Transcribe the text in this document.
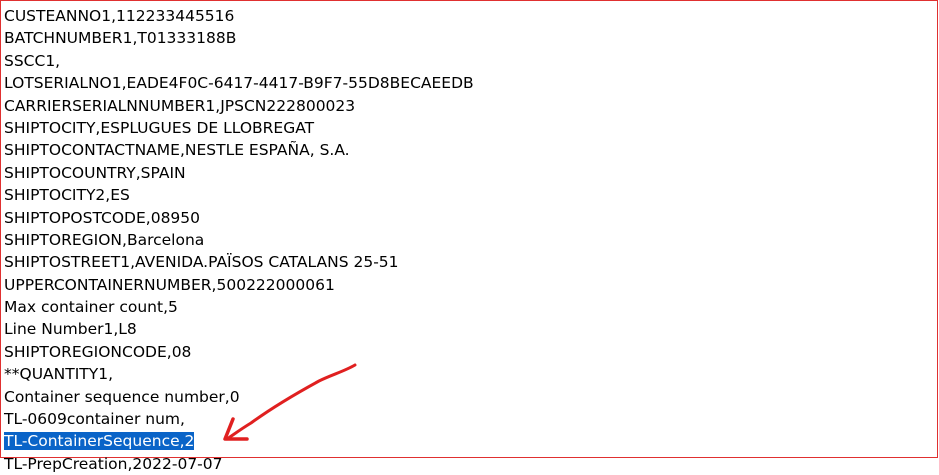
CUSTEANNO1,112233445516
BATCHNUMBER1,T01333188B
SSCC1,
LOTSERIALNO1,EADE4F0C-6417-4417-B9F7-55D8BECAEEDB
CARRIERSERIALNNUMBER1,JPSCN222800023
SHIPTOCITY,ESPLUGUES DE LLOBREGAT
SHIPTOCONTACTNAME,NESTLE ESPAÑA, S.A.
SHIPTOCOUNTRY,SPAIN
SHIPTOCITY2,ES
SHIPTOPOSTCODE,08950
SHIPTOREGION,Barcelona
SHIPTOSTREET1,AVENIDA.PAÏSOS CATALANS 25-51
UPPERCONTAINERNUMBER,500222000061
Max container count,5
Line Number1,L8
SHIPTOREGIONCODE,08
**QUANTITY1,
Container sequence number,0
TL-0609container num,
TL-ContainerSequence,2
TL-PrepCreation,2022-07-07
